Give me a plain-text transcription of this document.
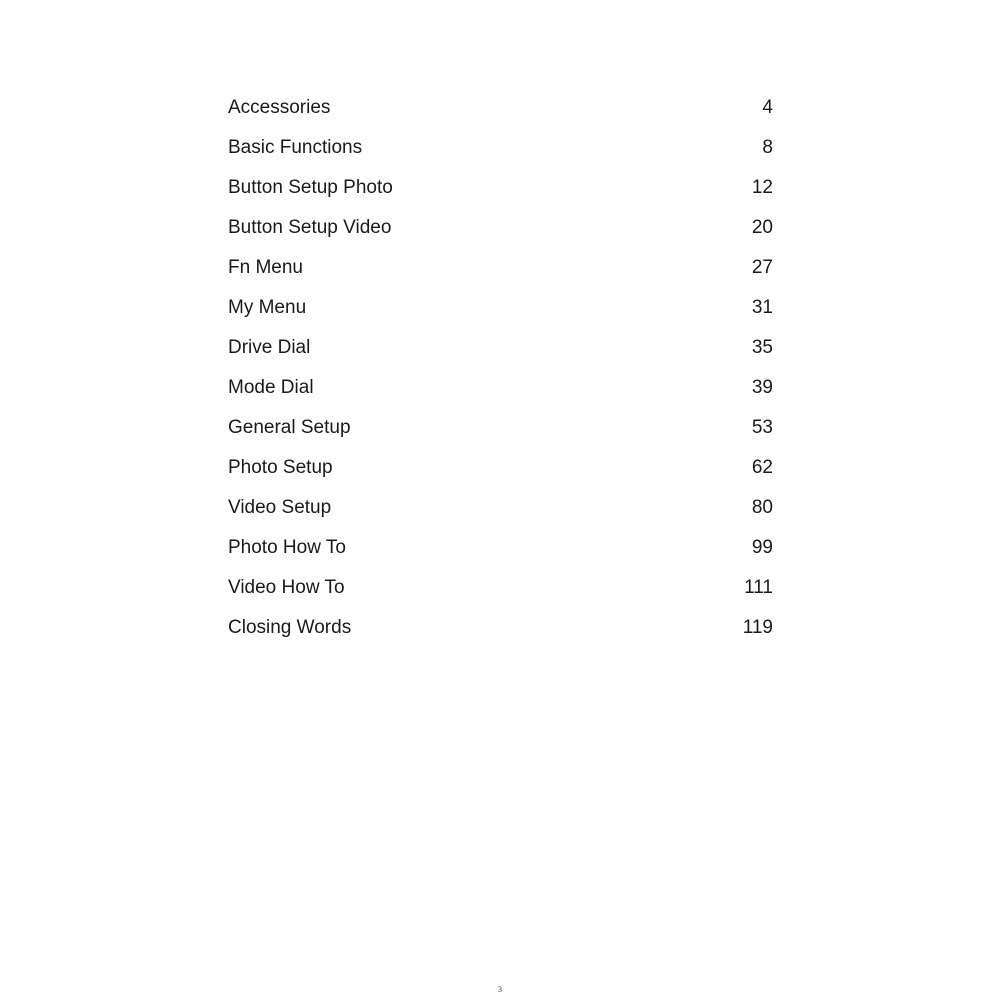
Accessories	4
Basic Functions	8
Button Setup Photo	12
Button Setup Video	20
Fn Menu	27
My Menu	31
Drive Dial	35
Mode Dial	39
General Setup	53
Photo Setup	62
Video Setup	80
Photo How To	99
Video How To	111
Closing Words	119
3
